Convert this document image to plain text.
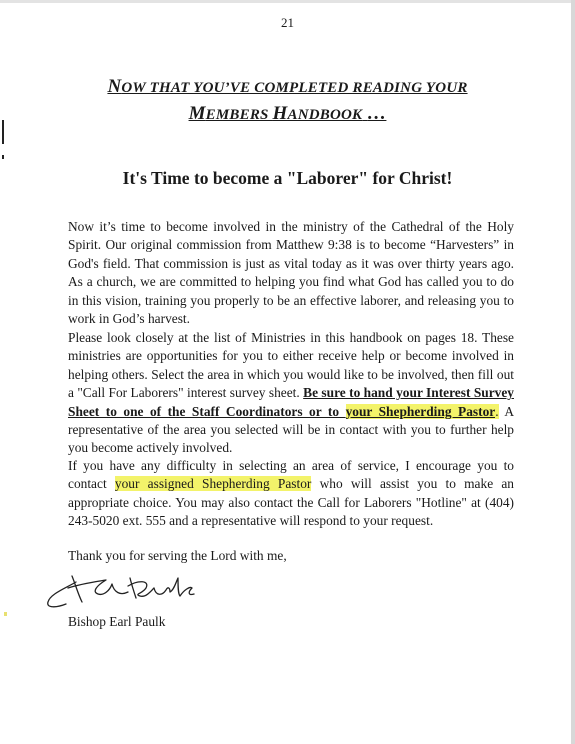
21
NOW THAT YOU’VE COMPLETED READING YOUR
MEMBERS HANDBOOK …
It's Time to become a "Laborer" for Christ!
Now it’s time to become involved in the ministry of the Cathedral of the Holy Spirit. Our original commission from Matthew 9:38 is to become “Harvesters” in God's field. That commission is just as vital today as it was over thirty years ago. As a church, we are committed to helping you find what God has called you to do in this vision, training you properly to be an effective laborer, and releasing you to work in God’s harvest.
Please look closely at the list of Ministries in this handbook on pages 18. These ministries are opportunities for you to either receive help or become involved in helping others. Select the area in which you would like to be involved, then fill out a "Call For Laborers" interest survey sheet. Be sure to hand your Interest Survey Sheet to one of the Staff Coordinators or to your Shepherding Pastor. A representative of the area you selected will be in contact with you to further help you become actively involved.
If you have any difficulty in selecting an area of service, I encourage you to contact your assigned Shepherding Pastor who will assist you to make an appropriate choice. You may also contact the Call for Laborers "Hotline" at (404) 243-5020 ext. 555 and a representative will respond to your request.
Thank you for serving the Lord with me,
Bishop Earl Paulk
